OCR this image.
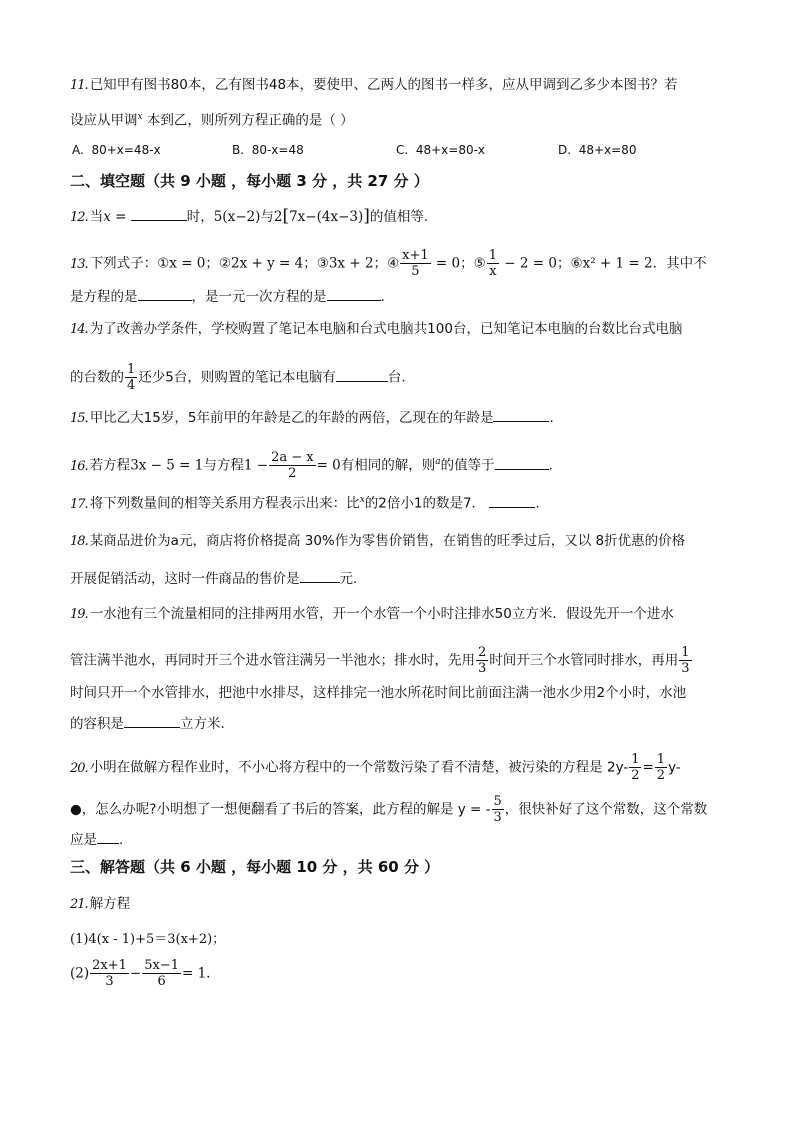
11. 已知甲有图书80本，乙有图书48本，要使甲、乙两人的图书一样多，应从甲调到乙多少本图书？若
设应从甲调$^x$ 本到乙，则所列方程正确的是（ ）
A. 80+x=48-x	B. 80-x=48	C. 48+x=80-x	D. 48+x=80
二、填空题（共 9 小题 ，每小题 3 分 ，共 27 分 ）
12. 当x =	时，5(x−2)与2[7x−(4x−3)]的值相等.
13. 下列式子：①x = 0；②2x + y = 4；③3x + 2；④ $\frac{x+1}{5} = 0$；⑤ $\frac{1}{x} - 2 = 0$；⑥x² + 1 = 2．其中不
是方程的是	，是一元一次方程的是	.
14. 为了改善办学条件，学校购置了笔记本电脑和台式电脑共100台，已知笔记本电脑的台数比台式电脑
的台数的 $\frac{1}{4}$ 还少5台，则购置的笔记本电脑有	台.
15. 甲比乙大15岁，5年前甲的年龄是乙的年龄的两倍，乙现在的年龄是	.
16. 若方程3x − 5 = 1与方程$1 - \frac{2a - x}{2} = 0$有相同的解，则$^a$的值等于	.
17. 将下列数量间的相等关系用方程表示出来：比$^x$的2倍小1的数是7．	.
18. 某商品进价为a元，商店将价格提高 30%作为零售价销售，在销售的旺季过后，又以 8折优惠的价格
开展促销活动，这时一件商品的售价是	元.
19. 一水池有三个流量相同的注排两用水管，开一个水管一个小时注排水50立方米．假设先开一个进水
管注满半池水，再同时开三个进水管注满另一半池水；排水时，先用 $\frac{2}{3}$ 时间开三个水管同时排水，再用 $\frac{1}{3}$
时间只开一个水管排水，把池中水排尽，这样排完一池水所花时间比前面注满一池水少用2个小时，水池
的容积是	立方米.
20. 小明在做解方程作业时，不小心将方程中的一个常数污染了看不清楚，被污染的方程是 $2y- \frac{1}{2} = \frac{1}{2} y-$
●，怎么办呢?小明想了一想便翻看了书后的答案，此方程的解是 y = - $\frac{5}{3}$ ，很快补好了这个常数，这个常数
应是 .
三、解答题（共 6 小题 ，每小题 10 分 ，共 60 分 ）
21. 解方程
(1)4(x - 1)+5＝3(x+2)；
$(2) \frac{2x+1}{3} - \frac{5x-1}{6} = 1$．
